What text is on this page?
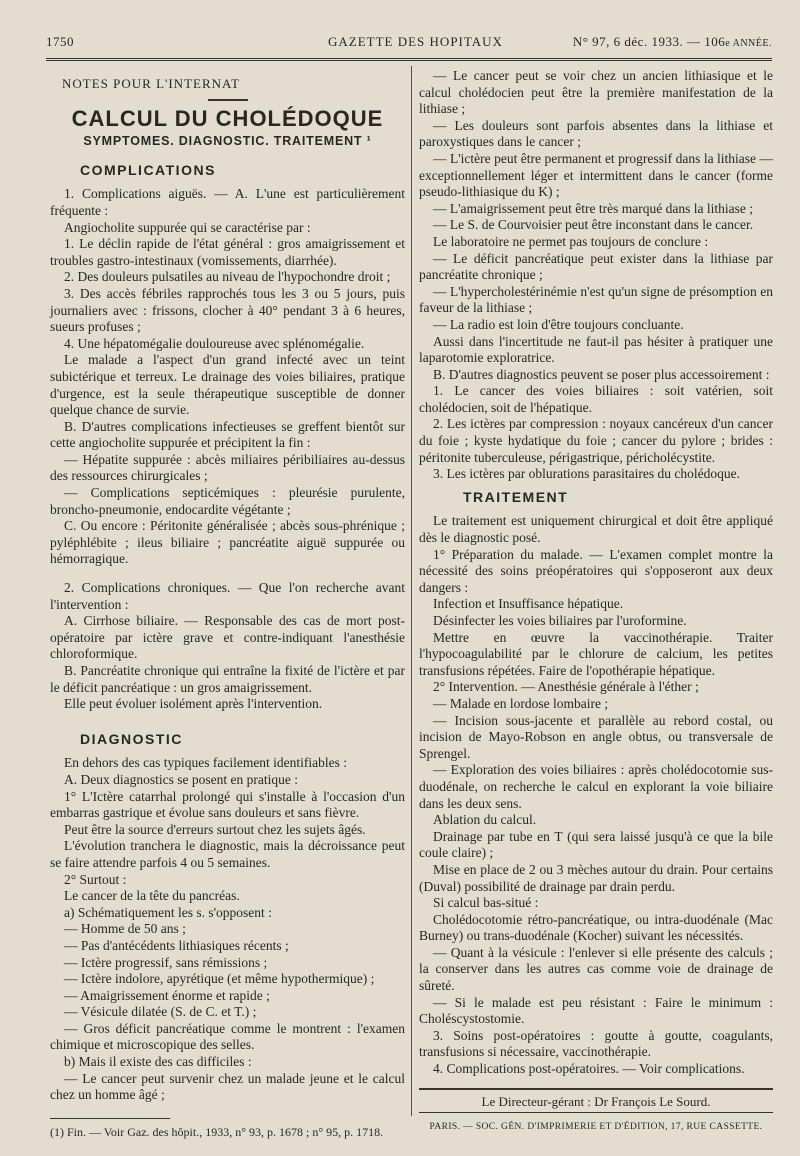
1750	GAZETTE DES HOPITAUX	N° 97, 6 déc. 1933. — 106e ANNÉE.
NOTES POUR L'INTERNAT
CALCUL DU CHOLÉDOQUE
SYMPTOMES. DIAGNOSTIC. TRAITEMENT ¹
COMPLICATIONS

1. Complications aiguës. — A. L'une est particulièrement fréquente :

Angiocholite suppurée qui se caractérise par :

1. Le déclin rapide de l'état général : gros amaigrissement et troubles gastro-intestinaux (vomissements, diarrhée).

2. Des douleurs pulsatiles au niveau de l'hypochondre droit ;

3. Des accès fébriles rapprochés tous les 3 ou 5 jours, puis journaliers avec : frissons, clocher à 40° pendant 3 à 6 heures, sueurs profuses ;

4. Une hépatomégalie douloureuse avec splénomégalie.

Le malade a l'aspect d'un grand infecté avec un teint subictérique et terreux. Le drainage des voies biliaires, pratique d'urgence, est la seule thérapeutique susceptible de donner quelque chance de survie.

B. D'autres complications infectieuses se greffent bientôt sur cette angiocholite suppurée et précipitent la fin :

— Hépatite suppurée : abcès miliaires péribiliaires au-dessus des ressources chirurgicales ;

— Complications septicémiques : pleurésie purulente, broncho-pneumonie, endocardite végétante ;

C. Ou encore : Péritonite généralisée ; abcès sous-phrénique ; pyléphlébite ; ileus biliaire ; pancréatite aiguë suppurée ou hémorragique.

2. Complications chroniques. — Que l'on recherche avant l'intervention :

A. Cirrhose biliaire. — Responsable des cas de mort post-opératoire par ictère grave et contre-indiquant l'anesthésie chloroformique.

B. Pancréatite chronique qui entraîne la fixité de l'ictère et par le déficit pancréatique : un gros amaigrissement.

Elle peut évoluer isolément après l'intervention.

DIAGNOSTIC

En dehors des cas typiques facilement identifiables :

A. Deux diagnostics se posent en pratique :

1° L'Ictère catarrhal prolongé qui s'installe à l'occasion d'un embarras gastrique et évolue sans douleurs et sans fièvre.

Peut être la source d'erreurs surtout chez les sujets âgés.

L'évolution tranchera le diagnostic, mais la décroissance peut se faire attendre parfois 4 ou 5 semaines.

2° Surtout :

Le cancer de la tête du pancréas.

a) Schématiquement les s. s'opposent :

— Homme de 50 ans ;

— Pas d'antécédents lithiasiques récents ;

— Ictère progressif, sans rémissions ;

— Ictère indolore, apyrétique (et même hypothermique) ;

— Amaigrissement énorme et rapide ;

— Vésicule dilatée (S. de C. et T.) ;

— Gros déficit pancréatique comme le montrent : l'examen chimique et microscopique des selles.

b) Mais il existe des cas difficiles :

— Le cancer peut survenir chez un malade jeune et le calcul chez un homme âgé ;

(1) Fin. — Voir Gaz. des hôpit., 1933, n° 93, p. 1678 ; n° 95, p. 1718.

— Le cancer peut se voir chez un ancien lithiasique et le calcul cholédocien peut être la première manifestation de la lithiase ;

— Les douleurs sont parfois absentes dans la lithiase et paroxystiques dans le cancer ;

— L'ictère peut être permanent et progressif dans la lithiase — exceptionnellement léger et intermittent dans le cancer (forme pseudo-lithiasique du K) ;

— L'amaigrissement peut être très marqué dans la lithiase ;

— Le S. de Courvoisier peut être inconstant dans le cancer.

Le laboratoire ne permet pas toujours de conclure :

— Le déficit pancréatique peut exister dans la lithiase par pancréatite chronique ;

— L'hypercholestérinémie n'est qu'un signe de présomption en faveur de la lithiase ;

— La radio est loin d'être toujours concluante.

Aussi dans l'incertitude ne faut-il pas hésiter à pratiquer une laparotomie exploratrice.

B. D'autres diagnostics peuvent se poser plus accessoirement :

1. Le cancer des voies biliaires : soit vatérien, soit cholédocien, soit de l'hépatique.

2. Les ictères par compression : noyaux cancéreux d'un cancer du foie ; kyste hydatique du foie ; cancer du pylore ; brides : péritonite tuberculeuse, périgastrique, péricholécystite.

3. Les ictères par oblurations parasitaires du cholédoque.

TRAITEMENT

Le traitement est uniquement chirurgical et doit être appliqué dès le diagnostic posé.

1° Préparation du malade. — L'examen complet montre la nécessité des soins préopératoires qui s'opposeront aux deux dangers :

Infection et Insuffisance hépatique.

Désinfecter les voies biliaires par l'uroformine.

Mettre en œuvre la vaccinothérapie. Traiter l'hypocoagulabilité par le chlorure de calcium, les petites transfusions répétées. Faire de l'opothérapie hépatique.

2° Intervention. — Anesthésie générale à l'éther ;

— Malade en lordose lombaire ;

— Incision sous-jacente et parallèle au rebord costal, ou incision de Mayo-Robson en angle obtus, ou transversale de Sprengel.

— Exploration des voies biliaires : après cholédocotomie sus-duodénale, on recherche le calcul en explorant la voie biliaire dans les deux sens.

Ablation du calcul.

Drainage par tube en T (qui sera laissé jusqu'à ce que la bile coule claire) ;

Mise en place de 2 ou 3 mèches autour du drain. Pour certains (Duval) possibilité de drainage par drain perdu.

Si calcul bas-situé :

Cholédocotomie rétro-pancréatique, ou intra-duodénale (Mac Burney) ou trans-duodénale (Kocher) suivant les nécessités.

— Quant à la vésicule : l'enlever si elle présente des calculs ; la conserver dans les autres cas comme voie de drainage de sûreté.

— Si le malade est peu résistant : Faire le minimum : Choléscystostomie.

3. Soins post-opératoires : goutte à goutte, coagulants, transfusions si nécessaire, vaccinothérapie.

4. Complications post-opératoires. — Voir complications.

Le Directeur-gérant : Dr François Le Sourd.
PARIS. — SOC. GÉN. D'IMPRIMERIE ET D'ÉDITION, 17, RUE CASSETTE.
